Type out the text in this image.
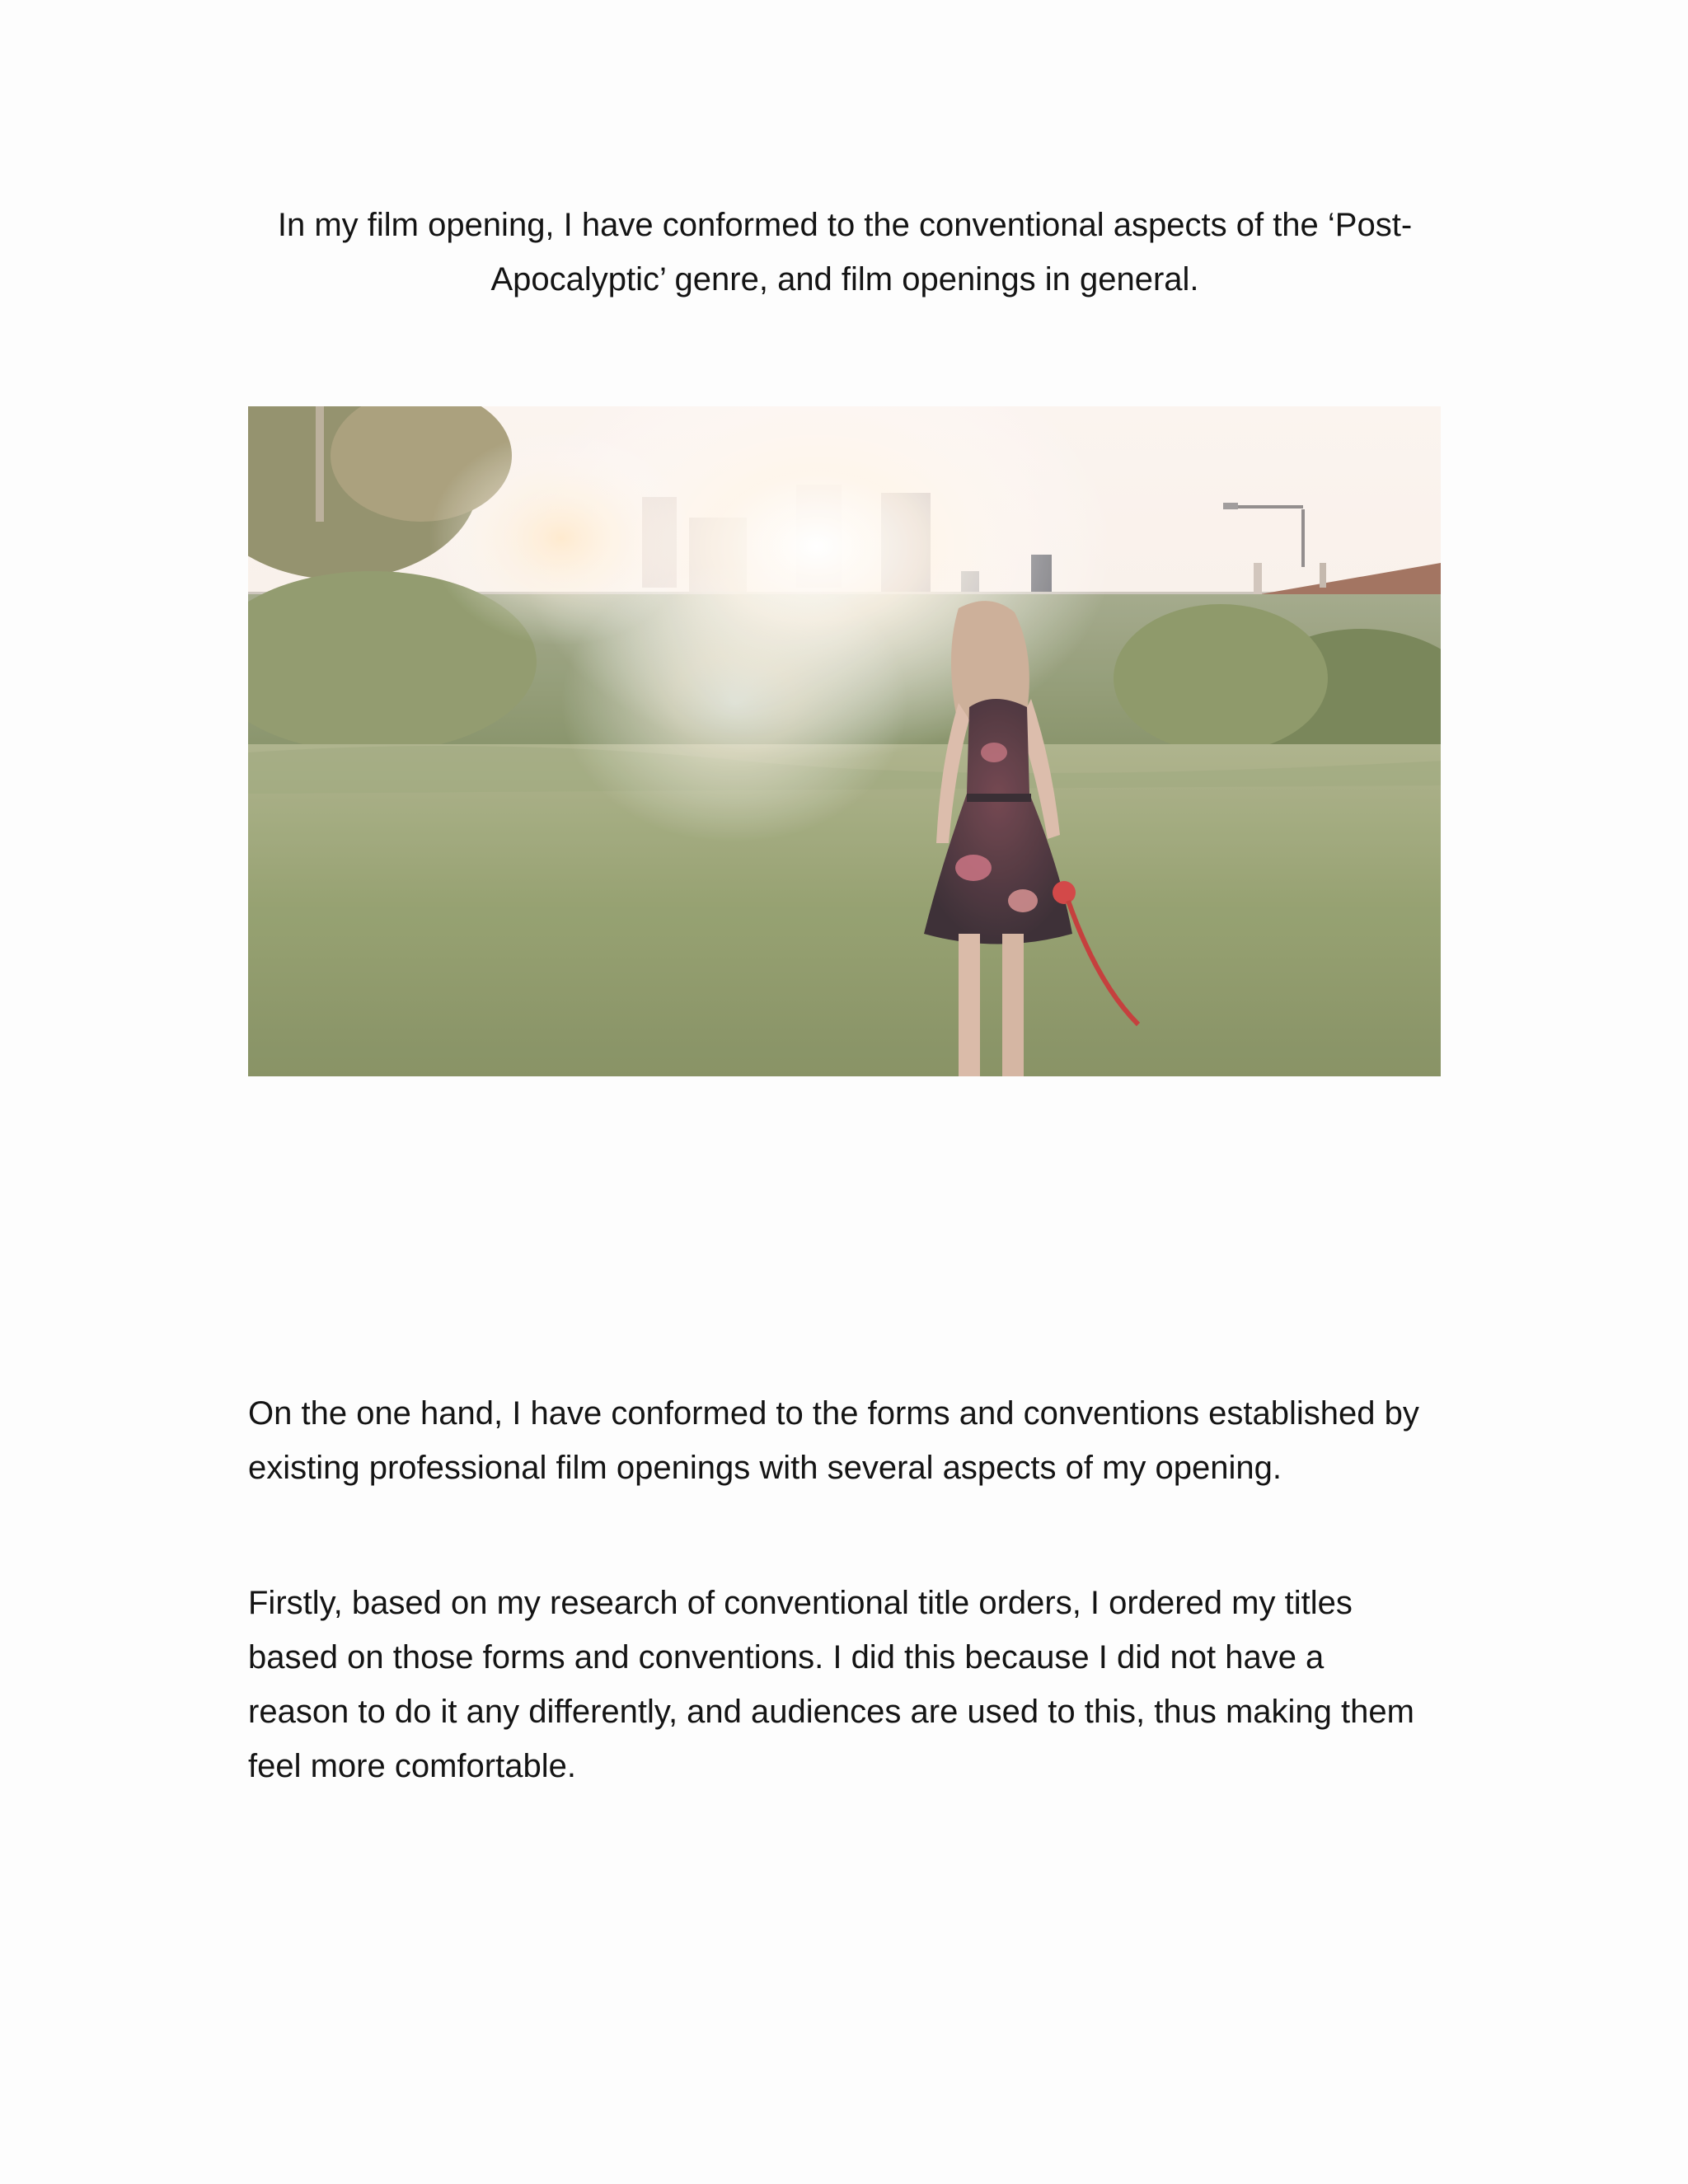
In my film opening, I have conformed to the conventional aspects of the ‘Post-Apocalyptic’ genre, and film openings in general.

On the one hand, I have conformed to the forms and conventions established by existing professional film openings with several aspects of my opening.

Firstly, based on my research of conventional title orders, I ordered my titles based on those forms and conventions. I did this because I did not have a reason to do it any differently, and audiences are used to this, thus making them feel more comfortable.
